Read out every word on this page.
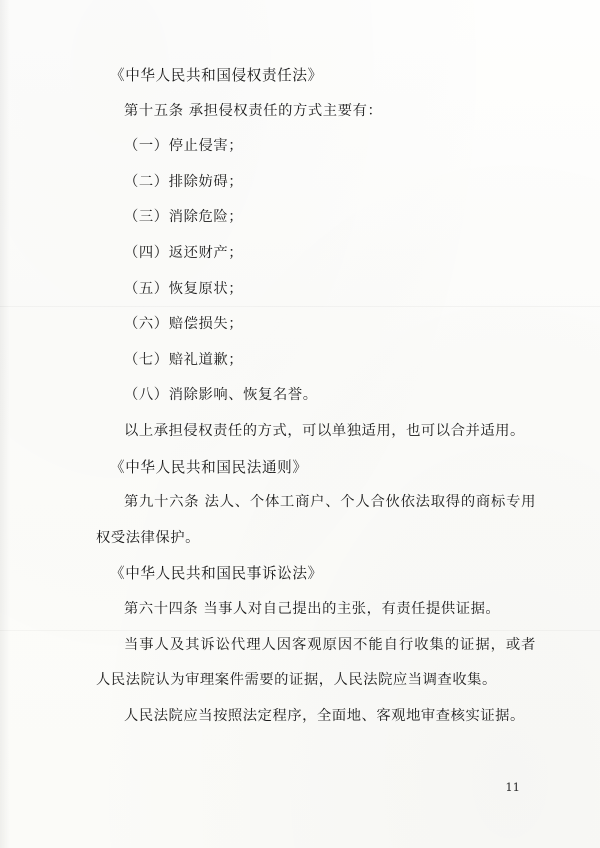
《中华人民共和国侵权责任法》
第十五条 承担侵权责任的方式主要有：
（一）停止侵害；
（二）排除妨碍；
（三）消除危险；
（四）返还财产；
（五）恢复原状；
（六）赔偿损失；
（七）赔礼道歉；
（八）消除影响、恢复名誉。
以上承担侵权责任的方式，可以单独适用，也可以合并适用。
《中华人民共和国民法通则》
第九十六条 法人、个体工商户、个人合伙依法取得的商标专用权受法律保护。
《中华人民共和国民事诉讼法》
第六十四条 当事人对自己提出的主张，有责任提供证据。
当事人及其诉讼代理人因客观原因不能自行收集的证据，或者人民法院认为审理案件需要的证据，人民法院应当调查收集。
人民法院应当按照法定程序，全面地、客观地审查核实证据。
11
